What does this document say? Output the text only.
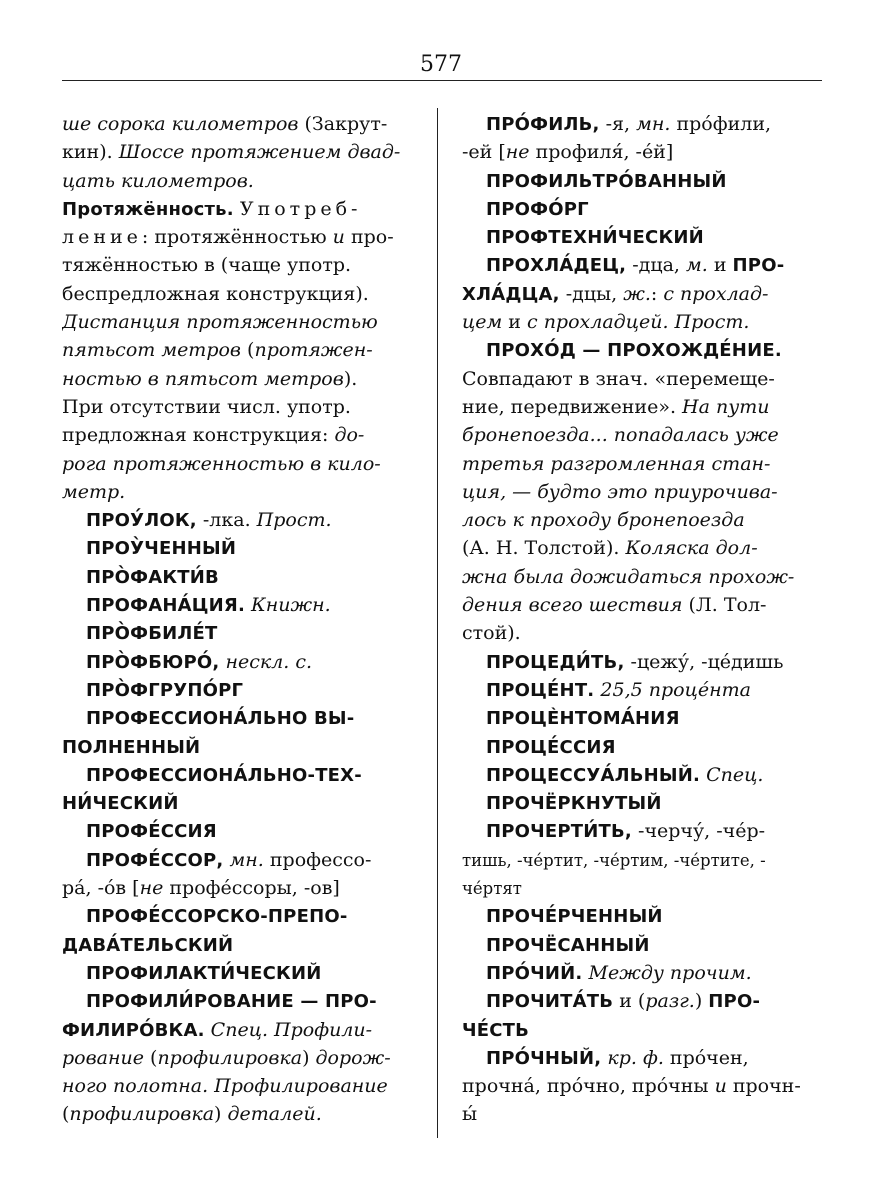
577
ше сорока километров (Закрут-
кин). Шоссе протяжением двад-
цать километров.
Протяжённость. Употреб-
ление: протяжённостью и про-
тяжённостью в (чаще употр.
беспредложная конструкция).
Дистанция протяженностью
пятьсот метров (протяжен-
ностью в пятьсот метров).
При отсутствии числ. употр.
предложная конструкция: до-
рога протяженностью в кило-
метр.
ПРОУ́ЛОК, -лка. Прост.
ПРОУ̀ЧЕННЫЙ
ПРО̀ФАКТИ́В
ПРОФАНА́ЦИЯ. Книжн.
ПРО̀ФБИЛЕ́Т
ПРО̀ФБЮРО́, нескл. с.
ПРО̀ФГРУПО́РГ
ПРОФЕССИОНА́ЛЬНО ВЫ-
ПОЛНЕННЫЙ
ПРОФЕССИОНА́ЛЬНО-ТЕХ-
НИ́ЧЕСКИЙ
ПРОФЕ́ССИЯ
ПРОФЕ́ССОР, мн. профессо-
ра́, -о́в [не профе́ссоры, -ов]
ПРОФЕ́ССОРСКО-ПРЕПО-
ДАВА́ТЕЛЬСКИЙ
ПРОФИЛАКТИ́ЧЕСКИЙ
ПРОФИЛИ́РОВАНИЕ — ПРО-
ФИЛИРО́ВКА. Спец. Профили-
рование (профилировка) дорож-
ного полотна. Профилирование
(профилировка) деталей.
ПРО́ФИЛЬ, -я, мн. про́фили,
-ей [не профиля́, -е́й]
ПРОФИЛЬТРО́ВАННЫЙ
ПРОФО́РГ
ПРОФТЕХНИ́ЧЕСКИЙ
ПРОХЛА́ДЕЦ, -дца, м. и ПРО-
ХЛА́ДЦА, -дцы, ж.: с прохлад-
цем и с прохладцей. Прост.
ПРОХО́Д — ПРОХОЖДЕ́НИЕ.
Совпадают в знач. «перемеще-
ние, передвижение». На пути
бронепоезда... попадалась уже
третья разгромленная стан-
ция, — будто это приурочива-
лось к проходу бронепоезда
(А. Н. Толстой). Коляска дол-
жна была дожидаться прохож-
дения всего шествия (Л. Тол-
стой).
ПРОЦЕДИ́ТЬ, -цежу́, -це́дишь
ПРОЦЕ́НТ. 25,5 проце́нта
ПРОЦЀНТОМА́НИЯ
ПРОЦЕ́ССИЯ
ПРОЦЕССУА́ЛЬНЫЙ. Спец.
ПРОЧЁРКНУТЫЙ
ПРОЧЕРТИ́ТЬ, -черчу́, -че́р-
тишь, -че́ртит, -че́ртим, -че́ртите, -
че́ртят
ПРОЧЕ́РЧЕННЫЙ
ПРОЧЁСАННЫЙ
ПРО́ЧИЙ. Между прочим.
ПРОЧИТА́ТЬ и (разг.) ПРО-
ЧЕ́СТЬ
ПРО́ЧНЫЙ, кр. ф. про́чен,
прочна́, про́чно, про́чны и прочн-
ы́
